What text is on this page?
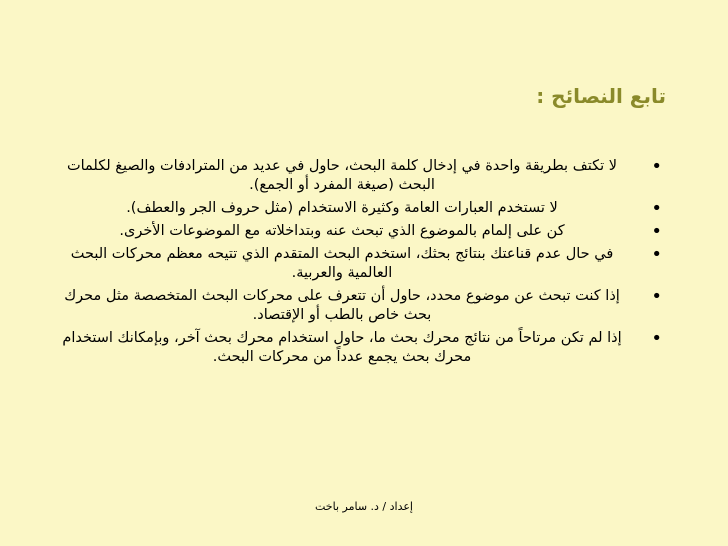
تابع النصائح :
•
لا تكتف بطريقة واحدة في إدخال كلمة البحث، حاول في عديد من المترادفات والصيغ لكلمات البحث (صيغة المفرد أو الجمع).
•
لا تستخدم العبارات العامة وكثيرة الاستخدام (مثل حروف الجر والعطف).
•
كن على إلمام بالموضوع الذي تبحث عنه وبتداخلاته مع الموضوعات الأخرى.
•
في حال عدم قناعتك بنتائج بحثك، استخدم البحث المتقدم الذي تتيحه معظم محركات البحث العالمية والعربية.
•
إذا كنت تبحث عن موضوع محدد، حاول أن تتعرف على محركات البحث المتخصصة مثل محرك بحث خاص بالطب أو الإقتصاد.
•
إذا لم تكن مرتاحاً من نتائج محرك بحث ما، حاول استخدام محرك بحث آخر، وبإمكانك استخدام محرك بحث يجمع عدداً من محركات البحث.
إعداد / د. سامر باخت
